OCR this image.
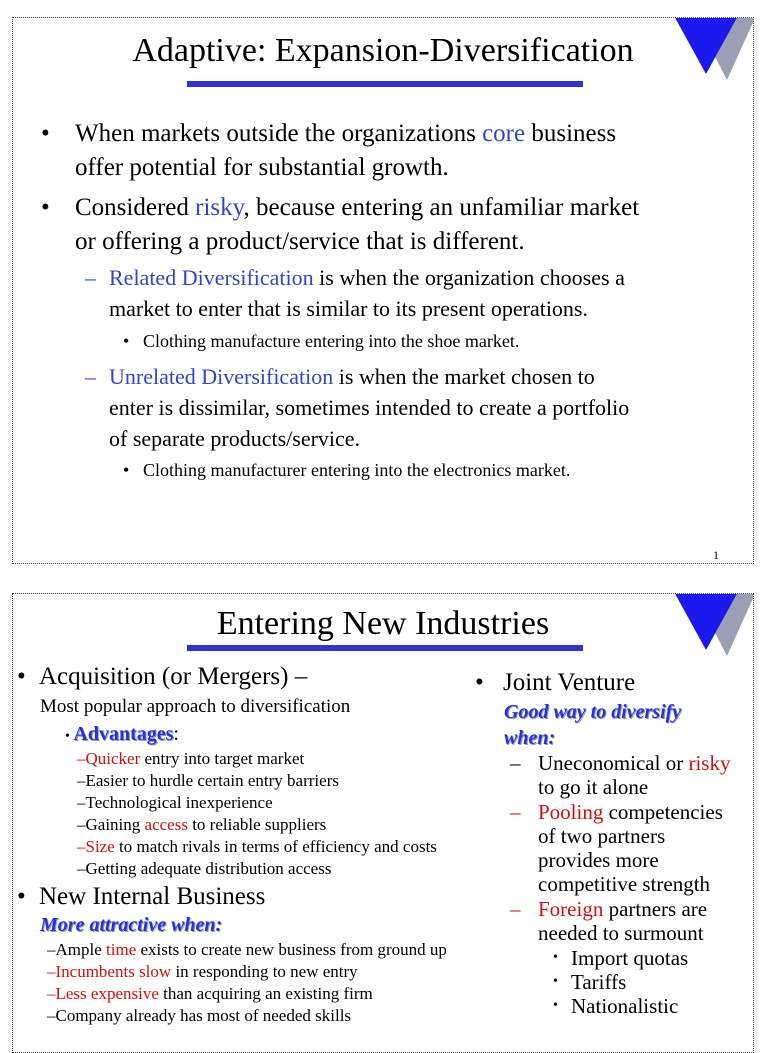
Adaptive: Expansion-Diversification
• When markets outside the organizations core business
offer potential for substantial growth.
• Considered risky, because entering an unfamiliar market
or offering a product/service that is different.
– Related Diversification is when the organization chooses a
market to enter that is similar to its present operations.
• Clothing manufacture entering into the shoe market.
– Unrelated Diversification is when the market chosen to
enter is dissimilar, sometimes intended to create a portfolio
of separate products/service.
• Clothing manufacturer entering into the electronics market.
1
Entering New Industries
• Acquisition (or Mergers) –
Most popular approach to diversification
• Advantages:
–Quicker entry into target market
–Easier to hurdle certain entry barriers
–Technological inexperience
–Gaining access to reliable suppliers
–Size to match rivals in terms of efficiency and costs
–Getting adequate distribution access
• New Internal Business
More attractive when:
–Ample time exists to create new business from ground up
–Incumbents slow in responding to new entry
–Less expensive than acquiring an existing firm
–Company already has most of needed skills
• Joint Venture
Good way to diversify
when:
– Uneconomical or risky
to go it alone
– Pooling competencies
of two partners
provides more
competitive strength
– Foreign partners are
needed to surmount
• Import quotas
• Tariffs
• Nationalistic
